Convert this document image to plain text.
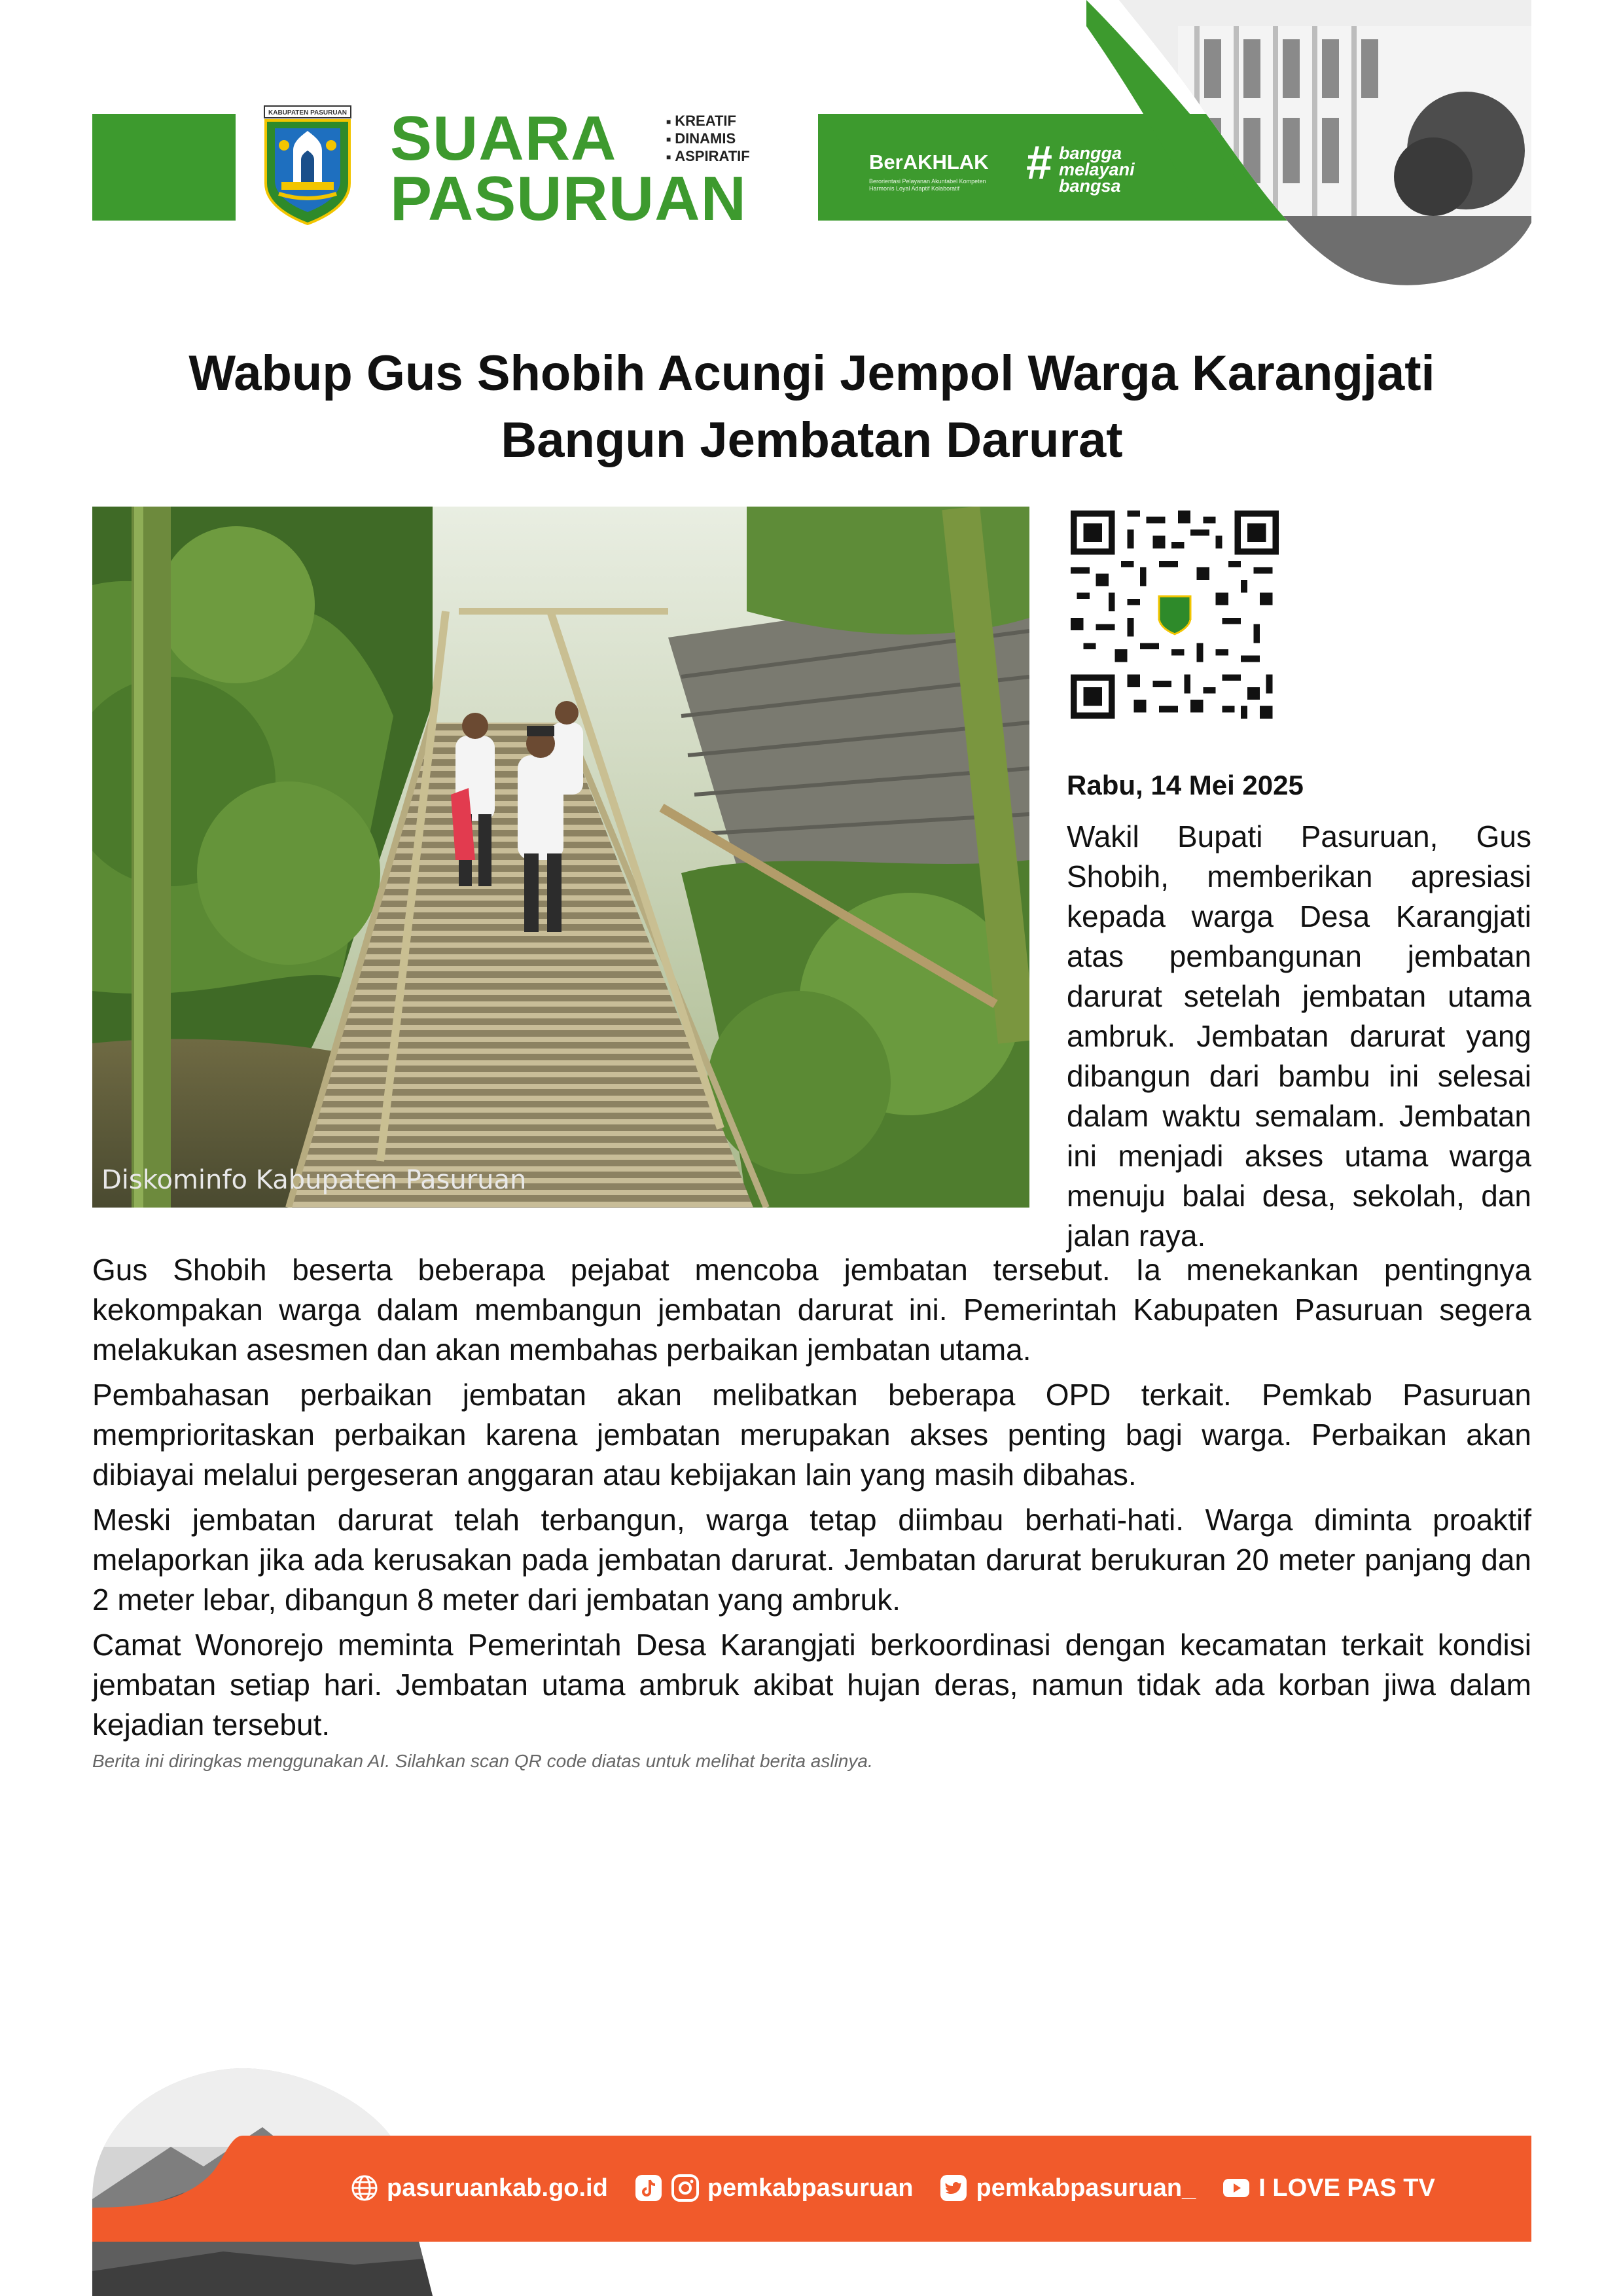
KABUPATEN PASURUAN SUARA
PASURUAN
■ KREATIF
■ DINAMIS
■ ASPIRATIF	BerAKHLAK
Berorientasi Pelayanan Akuntabel Kompeten Harmonis Loyal Adaptif Kolaboratif	# bangga
melayani
bangsa
Wabup Gus Shobih Acungi Jempol Warga Karangjati
Bangun Jembatan Darurat
Diskominfo Kabupaten Pasuruan
Rabu, 14 Mei 2025
Wakil Bupati Pasuruan, Gus Shobih, memberikan apresiasi kepada warga Desa Karangjati atas pembangunan jembatan darurat setelah jembatan utama ambruk. Jembatan darurat yang dibangun dari bambu ini selesai dalam waktu semalam. Jembatan ini menjadi akses utama warga menuju balai desa, sekolah, dan jalan raya.

Gus Shobih beserta beberapa pejabat mencoba jembatan tersebut. Ia menekankan pentingnya kekompakan warga dalam membangun jembatan darurat ini. Pemerintah Kabupaten Pasuruan segera melakukan asesmen dan akan membahas perbaikan jembatan utama.

Pembahasan perbaikan jembatan akan melibatkan beberapa OPD terkait. Pemkab Pasuruan memprioritaskan perbaikan karena jembatan merupakan akses penting bagi warga. Perbaikan akan dibiayai melalui pergeseran anggaran atau kebijakan lain yang masih dibahas.

Meski jembatan darurat telah terbangun, warga tetap diimbau berhati-hati. Warga diminta proaktif melaporkan jika ada kerusakan pada jembatan darurat. Jembatan darurat berukuran 20 meter panjang dan 2 meter lebar, dibangun 8 meter dari jembatan yang ambruk.

Camat Wonorejo meminta Pemerintah Desa Karangjati berkoordinasi dengan kecamatan terkait kondisi jembatan setiap hari. Jembatan utama ambruk akibat hujan deras, namun tidak ada korban jiwa dalam kejadian tersebut.

Berita ini diringkas menggunakan AI. Silahkan scan QR code diatas untuk melihat berita aslinya.
pasuruankab.go.id	pemkabpasuruan	pemkabpasuruan_	I LOVE PAS TV
